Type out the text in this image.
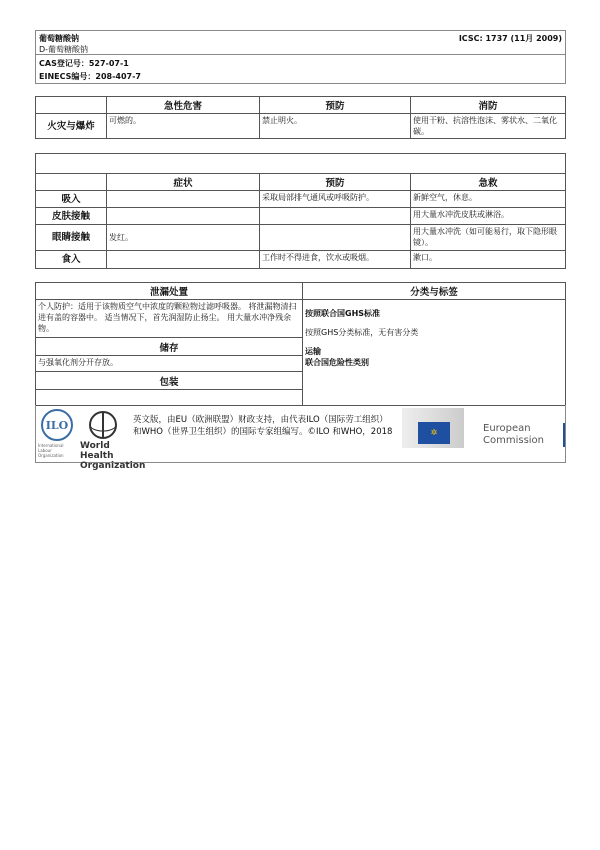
葡萄糖酸钠
D-葡萄糖酸钠
ICSC: 1737 (11月 2009)
CAS登记号：527-07-1
EINECS编号：208-407-7
	急性危害	预防	消防
火灾与爆炸	可燃的。	禁止明火。	使用干粉、抗溶性泡沫、雾状水、二氧化碳。

	症状	预防	急救
吸入		采取局部排气通风或呼吸防护。	新鲜空气，休息。
皮肤接触			用大量水冲洗皮肤或淋浴。
眼睛接触	发红。		用大量水冲洗（如可能易行，取下隐形眼镜）。
食入		工作时不得进食，饮水或吸烟。	漱口。
泄漏处置	分类与标签
个人防护：适用于该物质空气中浓度的颗粒物过滤呼吸器。 将泄漏物清扫进有盖的容器中。 适当情况下，首先润湿防止扬尘。 用大量水冲净残余物。	按照联合国GHS标准
按照GHS分类标准，无有害分类
运输
联合国危险性类别

储存	
与强氧化剂分开存放。	
包装	

ILO
International Labour Organization
World Health Organization
英文版，由EU（欧洲联盟）财政支持，由代表ILO（国际劳工组织）和WHO（世界卫生组织）的国际专家组编写。©ILO 和WHO，2018	✲	European Commission
